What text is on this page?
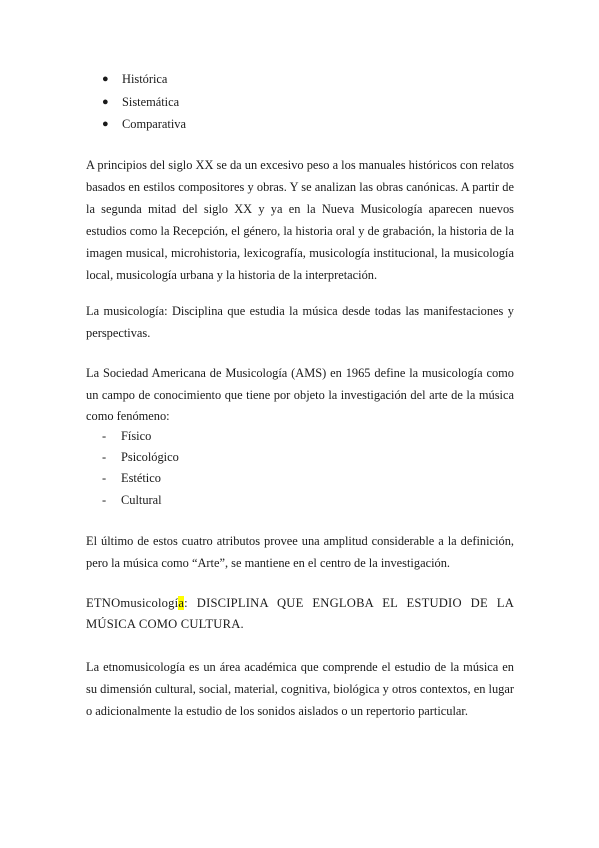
● Histórica
● Sistemática
● Comparativa

A principios del siglo XX se da un excesivo peso a los manuales históricos con relatos basados en estilos compositores y obras. Y se analizan las obras canónicas. A partir de la segunda mitad del siglo XX y ya en la Nueva Musicología aparecen nuevos estudios como la Recepción, el género, la historia oral y de grabación, la historia de la imagen musical, microhistoria, lexicografía, musicología institucional, la musicología local, musicología urbana y la historia de la interpretación.

La musicología: Disciplina que estudia la música desde todas las manifestaciones y perspectivas.

La Sociedad Americana de Musicología (AMS) en 1965 define la musicología como un campo de conocimiento que tiene por objeto la investigación del arte de la música como fenómeno:

- Físico
- Psicológico
- Estético
- Cultural

El último de estos cuatro atributos provee una amplitud considerable a la definición, pero la música como “Arte”, se mantiene en el centro de la investigación.

ETNOmusicología: DISCIPLINA QUE ENGLOBA EL ESTUDIO DE LA MÚSICA COMO CULTURA.

La etnomusicología es un área académica que comprende el estudio de la música en su dimensión cultural, social, material, cognitiva, biológica y otros contextos, en lugar o adicionalmente la estudio de los sonidos aislados o un repertorio particular.
